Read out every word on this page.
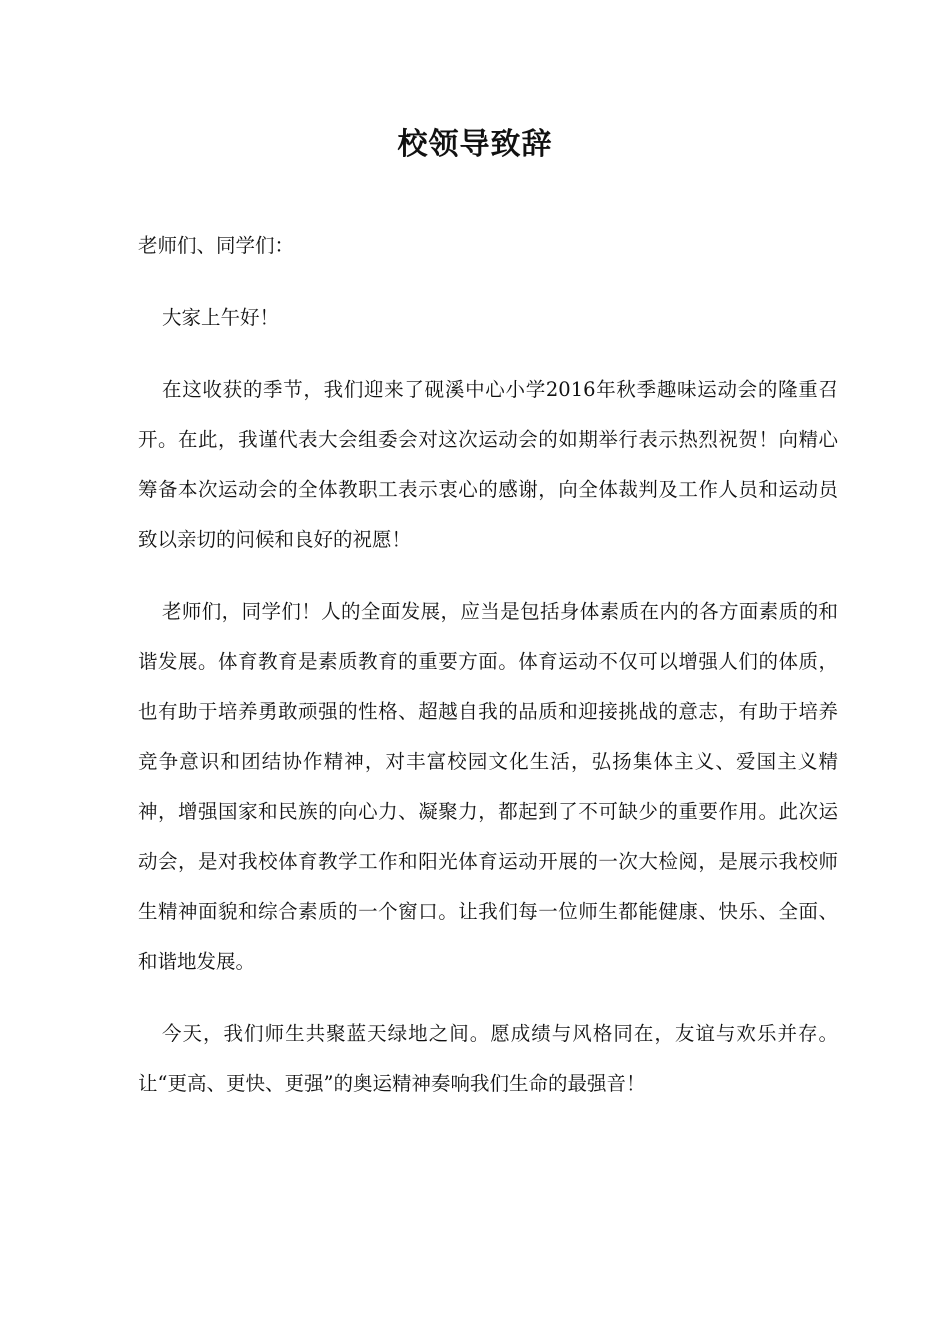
校领导致辞

老师们、同学们：

大家上午好！

在这收获的季节，我们迎来了砚溪中心小学2016年秋季趣味运动会的隆重召开。在此，我谨代表大会组委会对这次运动会的如期举行表示热烈祝贺！向精心筹备本次运动会的全体教职工表示衷心的感谢，向全体裁判及工作人员和运动员致以亲切的问候和良好的祝愿！

老师们，同学们！人的全面发展，应当是包括身体素质在内的各方面素质的和谐发展。体育教育是素质教育的重要方面。体育运动不仅可以增强人们的体质，也有助于培养勇敢顽强的性格、超越自我的品质和迎接挑战的意志，有助于培养竞争意识和团结协作精神，对丰富校园文化生活，弘扬集体主义、爱国主义精神，增强国家和民族的向心力、凝聚力，都起到了不可缺少的重要作用。此次运动会，是对我校体育教学工作和阳光体育运动开展的一次大检阅，是展示我校师生精神面貌和综合素质的一个窗口。让我们每一位师生都能健康、快乐、全面、和谐地发展。

今天，我们师生共聚蓝天绿地之间。愿成绩与风格同在，友谊与欢乐并存。让“更高、更快、更强”的奥运精神奏响我们生命的最强音！
